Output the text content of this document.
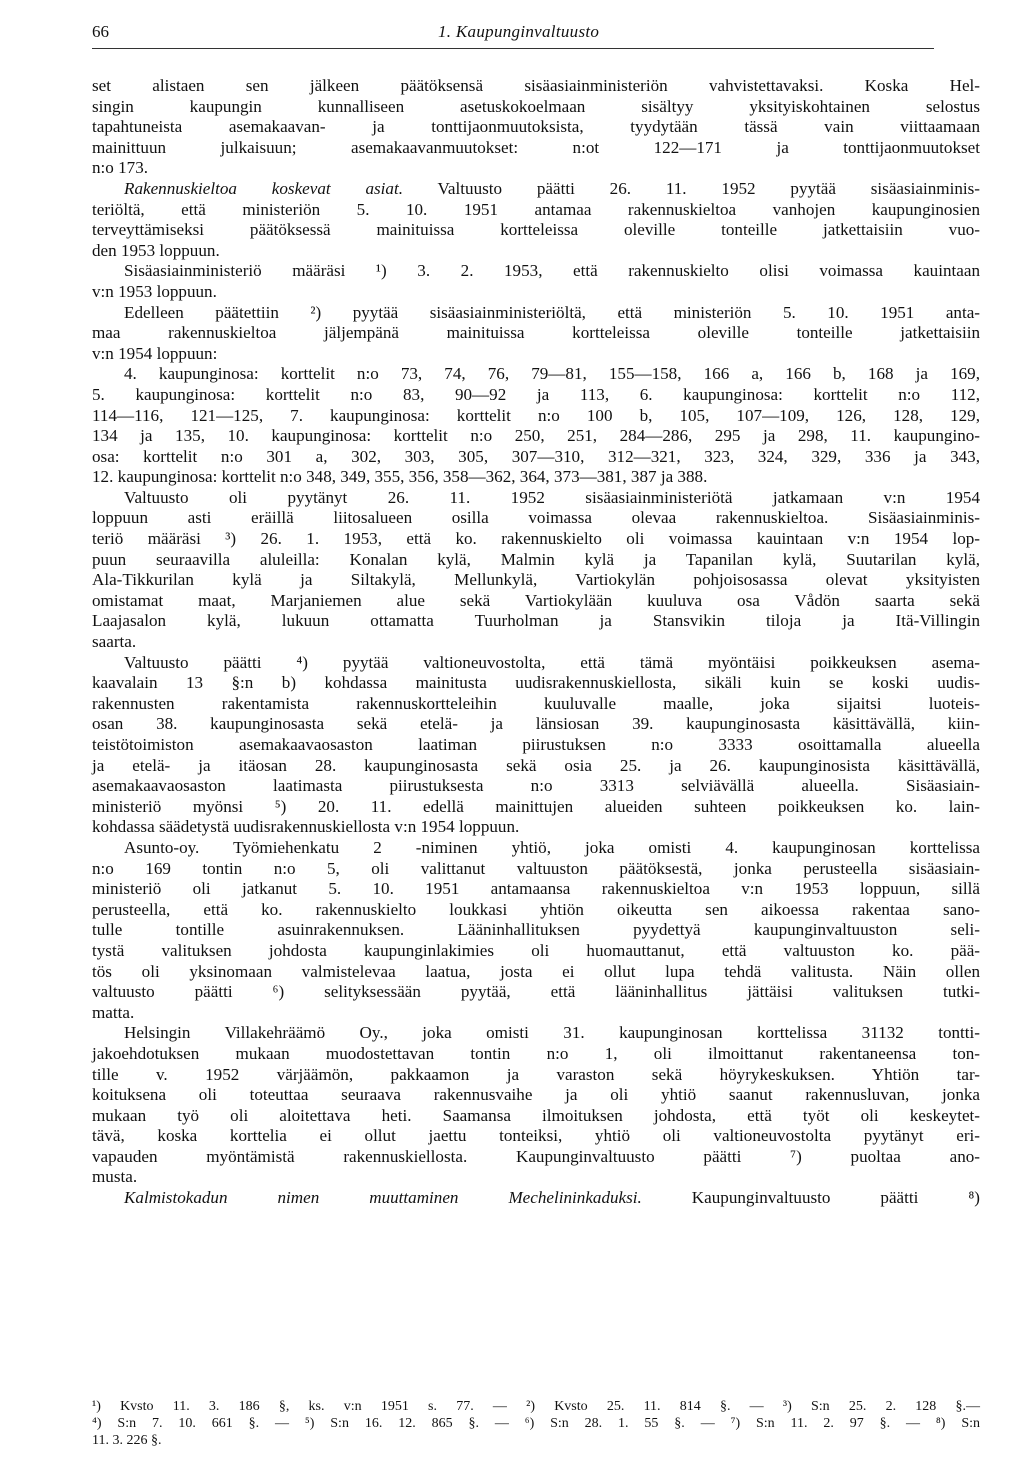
66	1. Kaupunginvaltuusto
set alistaen sen jälkeen päätöksensä sisäasiainministeriön vahvistettavaksi. Koska Hel-
singin kaupungin kunnalliseen asetuskokoelmaan sisältyy yksityiskohtainen selostus
tapahtuneista asemakaavan- ja tonttijaonmuutoksista, tyydytään tässä vain viittaamaan
mainittuun julkaisuun; asemakaavanmuutokset: n:ot 122—171 ja tonttijaonmuutokset
n:o 173.
Rakennuskieltoa koskevat asiat. Valtuusto päätti 26. 11. 1952 pyytää sisäasiainminis-
teriöltä, että ministeriön 5. 10. 1951 antamaa rakennuskieltoa vanhojen kaupunginosien
terveyttämiseksi päätöksessä mainituissa kortteleissa oleville tonteille jatkettaisiin vuo-
den 1953 loppuun.
Sisäasiainministeriö määräsi ¹) 3. 2. 1953, että rakennuskielto olisi voimassa kauintaan
v:n 1953 loppuun.
Edelleen päätettiin ²) pyytää sisäasiainministeriöltä, että ministeriön 5. 10. 1951 anta-
maa rakennuskieltoa jäljempänä mainituissa kortteleissa oleville tonteille jatkettaisiin
v:n 1954 loppuun:
4. kaupunginosa: korttelit n:o 73, 74, 76, 79—81, 155—158, 166 a, 166 b, 168 ja 169,
5. kaupunginosa: korttelit n:o 83, 90—92 ja 113, 6. kaupunginosa: korttelit n:o 112,
114—116, 121—125, 7. kaupunginosa: korttelit n:o 100 b, 105, 107—109, 126, 128, 129,
134 ja 135, 10. kaupunginosa: korttelit n:o 250, 251, 284—286, 295 ja 298, 11. kaupungino-
osa: korttelit n:o 301 a, 302, 303, 305, 307—310, 312—321, 323, 324, 329, 336 ja 343,
12. kaupunginosa: korttelit n:o 348, 349, 355, 356, 358—362, 364, 373—381, 387 ja 388.
Valtuusto oli pyytänyt 26. 11. 1952 sisäasiainministeriötä jatkamaan v:n 1954
loppuun asti eräillä liitosalueen osilla voimassa olevaa rakennuskieltoa. Sisäasiainminis-
teriö määräsi ³) 26. 1. 1953, että ko. rakennuskielto oli voimassa kauintaan v:n 1954 lop-
puun seuraavilla aluleilla: Konalan kylä, Malmin kylä ja Tapanilan kylä, Suutarilan kylä,
Ala-Tikkurilan kylä ja Siltakylä, Mellunkylä, Vartiokylän pohjoisosassa olevat yksityisten
omistamat maat, Marjaniemen alue sekä Vartiokylään kuuluva osa Vådön saarta sekä
Laajasalon kylä, lukuun ottamatta Tuurholman ja Stansvikin tiloja ja Itä-Villingin
saarta.
Valtuusto päätti ⁴) pyytää valtioneuvostolta, että tämä myöntäisi poikkeuksen asema-
kaavalain 13 §:n b) kohdassa mainitusta uudisrakennuskiellosta, sikäli kuin se koski uudis-
rakennusten rakentamista rakennuskortteleihin kuuluvalle maalle, joka sijaitsi luoteis-
osan 38. kaupunginosasta sekä etelä- ja länsiosan 39. kaupunginosasta käsittävällä, kiin-
teistötoimiston asemakaavaosaston laatiman piirustuksen n:o 3333 osoittamalla alueella
ja etelä- ja itäosan 28. kaupunginosasta sekä osia 25. ja 26. kaupunginosista käsittävällä,
asemakaavaosaston laatimasta piirustuksesta n:o 3313 selviävällä alueella. Sisäasiain-
ministeriö myönsi ⁵) 20. 11. edellä mainittujen alueiden suhteen poikkeuksen ko. lain-
kohdassa säädetystä uudisrakennuskiellosta v:n 1954 loppuun.
Asunto-oy. Työmiehenkatu 2 -niminen yhtiö, joka omisti 4. kaupunginosan korttelissa
n:o 169 tontin n:o 5, oli valittanut valtuuston päätöksestä, jonka perusteella sisäasiain-
ministeriö oli jatkanut 5. 10. 1951 antamaansa rakennuskieltoa v:n 1953 loppuun, sillä
perusteella, että ko. rakennuskielto loukkasi yhtiön oikeutta sen aikoessa rakentaa sano-
tulle tontille asuinrakennuksen. Lääninhallituksen pyydettyä kaupunginvaltuuston seli-
tystä valituksen johdosta kaupunginlakimies oli huomauttanut, että valtuuston ko. pää-
tös oli yksinomaan valmistelevaa laatua, josta ei ollut lupa tehdä valitusta. Näin ollen
valtuusto päätti ⁶) selityksessään pyytää, että lääninhallitus jättäisi valituksen tutki-
matta.
Helsingin Villakehräämö Oy., joka omisti 31. kaupunginosan korttelissa 31132 tontti-
jakoehdotuksen mukaan muodostettavan tontin n:o 1, oli ilmoittanut rakentaneensa ton-
tille v. 1952 värjäämön, pakkaamon ja varaston sekä höyrykeskuksen. Yhtiön tar-
koituksena oli toteuttaa seuraava rakennusvaihe ja oli yhtiö saanut rakennusluvan, jonka
mukaan työ oli aloitettava heti. Saamansa ilmoituksen johdosta, että työt oli keskeytet-
tävä, koska korttelia ei ollut jaettu tonteiksi, yhtiö oli valtioneuvostolta pyytänyt eri-
vapauden myöntämistä rakennuskiellosta. Kaupunginvaltuusto päätti ⁷) puoltaa ano-
musta.
Kalmistokadun nimen muuttaminen Mechelininkaduksi.	Kaupunginvaltuusto päätti ⁸)
¹) Kvsto 11. 3. 186 §, ks. v:n 1951 s. 77. — ²) Kvsto 25. 11. 814 §. — ³) S:n 25. 2. 128 §.—
⁴) S:n 7. 10. 661 §. — ⁵) S:n 16. 12. 865 §. — ⁶) S:n 28. 1. 55 §. — ⁷) S:n 11. 2. 97 §. — ⁸) S:n
11. 3. 226 §.
